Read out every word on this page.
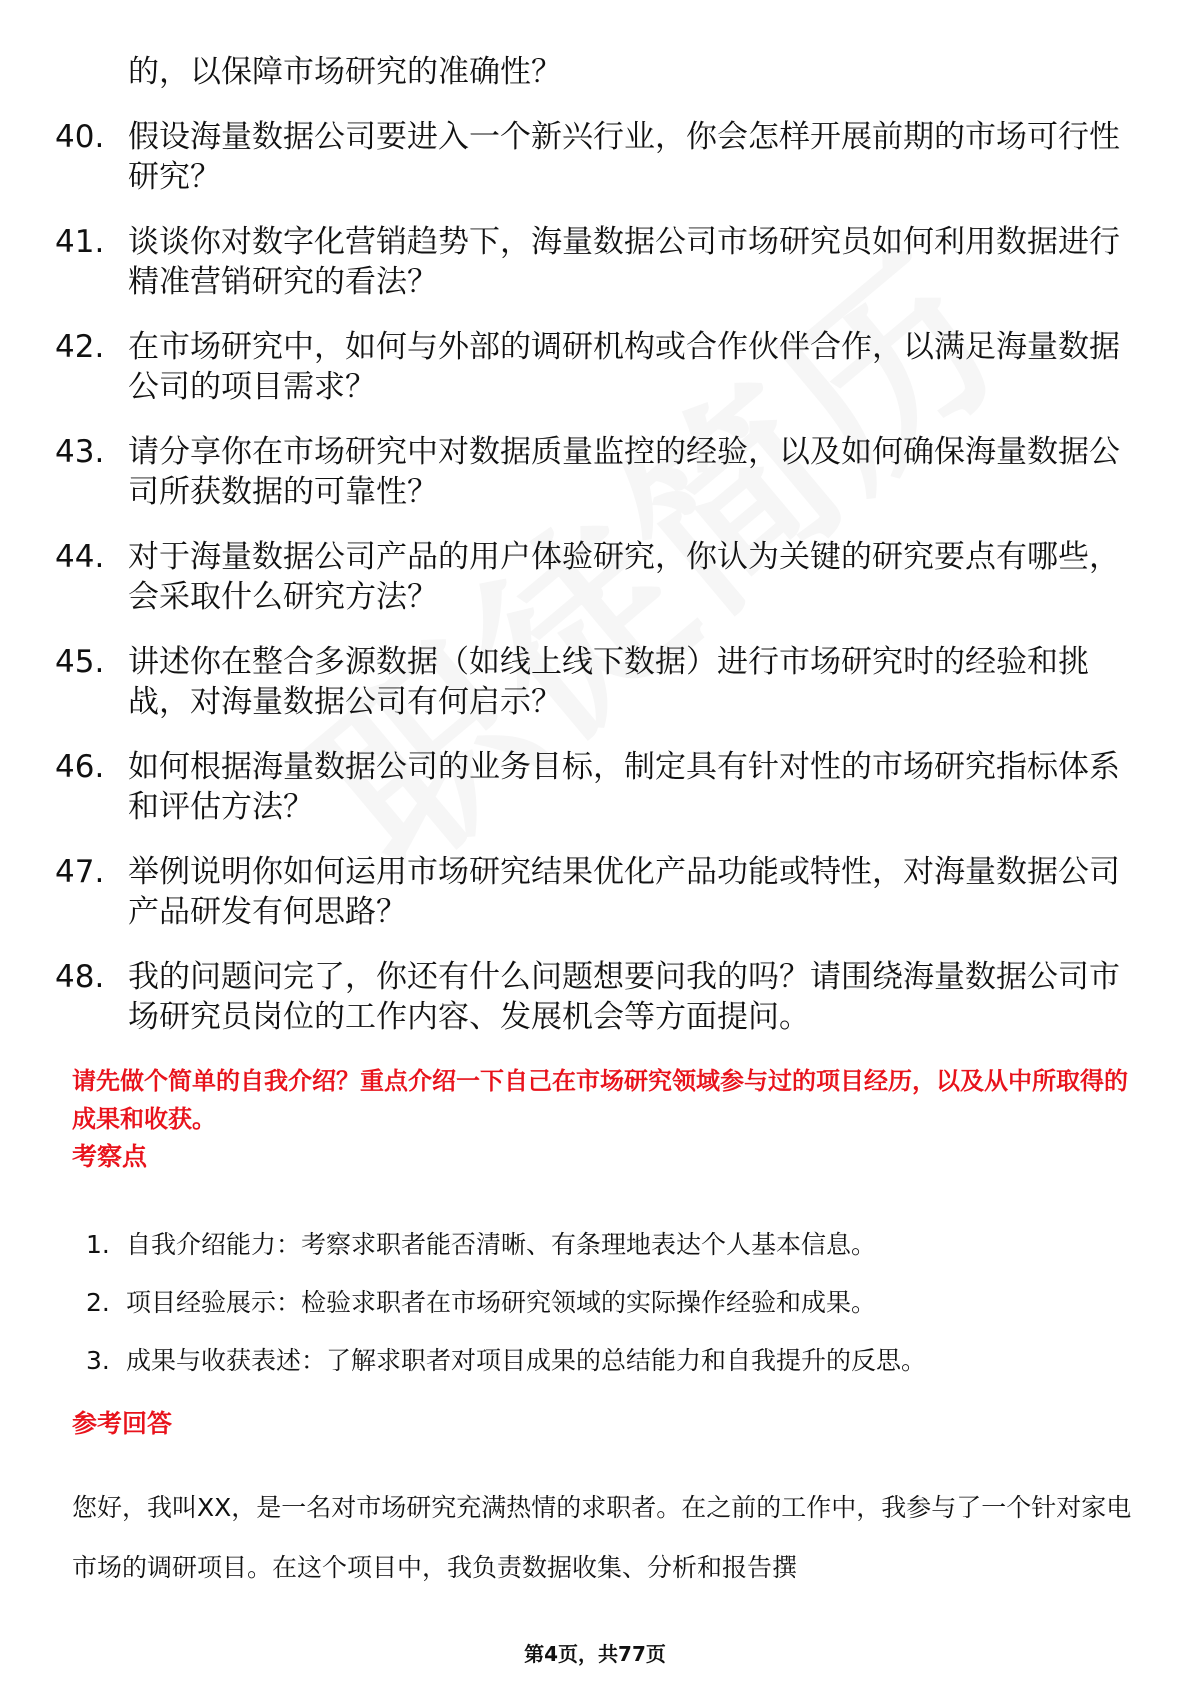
的，以保障市场研究的准确性？
40. 假设海量数据公司要进入一个新兴行业，你会怎样开展前期的市场可行性研究？
41. 谈谈你对数字化营销趋势下，海量数据公司市场研究员如何利用数据进行精准营销研究的看法？
42. 在市场研究中，如何与外部的调研机构或合作伙伴合作，以满足海量数据公司的项目需求？
43. 请分享你在市场研究中对数据质量监控的经验，以及如何确保海量数据公司所获数据的可靠性？
44. 对于海量数据公司产品的用户体验研究，你认为关键的研究要点有哪些，会采取什么研究方法？
45. 讲述你在整合多源数据（如线上线下数据）进行市场研究时的经验和挑战，对海量数据公司有何启示？
46. 如何根据海量数据公司的业务目标，制定具有针对性的市场研究指标体系和评估方法？
47. 举例说明你如何运用市场研究结果优化产品功能或特性，对海量数据公司产品研发有何思路？
48. 我的问题问完了，你还有什么问题想要问我的吗？请围绕海量数据公司市场研究员岗位的工作内容、发展机会等方面提问。
请先做个简单的自我介绍？重点介绍一下自己在市场研究领域参与过的项目经历，以及从中所取得的成果和收获。
考察点
1. 自我介绍能力：考察求职者能否清晰、有条理地表达个人基本信息。
2. 项目经验展示：检验求职者在市场研究领域的实际操作经验和成果。
3. 成果与收获表述：了解求职者对项目成果的总结能力和自我提升的反思。
参考回答
您好，我叫XX，是一名对市场研究充满热情的求职者。在之前的工作中，我参与了一个针对家电市场的调研项目。在这个项目中，我负责数据收集、分析和报告撰
第4页，共77页
